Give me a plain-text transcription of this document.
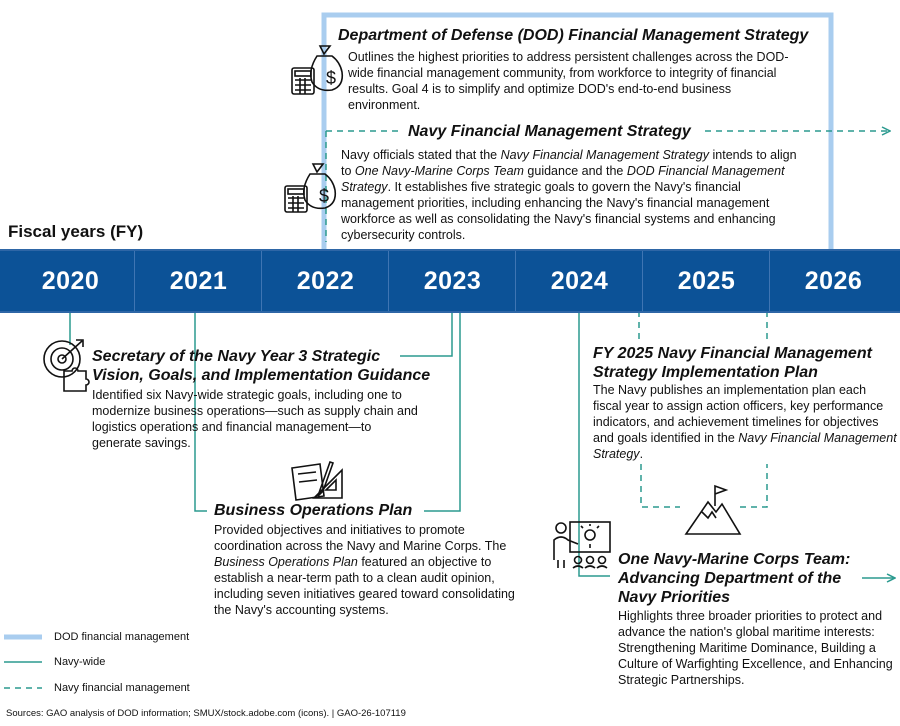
$
$
Department of Defense (DOD) Financial Management Strategy
Outlines the highest priorities to address persistent challenges across the DOD-wide financial management community, from workforce to integrity of financial results. Goal 4 is to simplify and optimize DOD's end-to-end business environment.
Navy Financial Management Strategy
Navy officials stated that the Navy Financial Management Strategy intends to align to One Navy-Marine Corps Team guidance and the DOD Financial Management Strategy. It establishes five strategic goals to govern the Navy's financial management priorities, including enhancing the Navy's financial management workforce as well as consolidating the Navy's financial systems and enhancing cybersecurity controls.
Fiscal years (FY)
2020	2021	2022	2023	2024	2025	2026
Secretary of the Navy Year 3 Strategic
Vision, Goals, and Implementation Guidance
Identified six Navy-wide strategic goals, including one to modernize business operations—such as supply chain and logistics operations and financial management—to generate savings.
Business Operations Plan
Provided objectives and initiatives to promote coordination across the Navy and Marine Corps. The Business Operations Plan featured an objective to establish a near-term path to a clean audit opinion, including seven initiatives geared toward consolidating the Navy's accounting systems.
FY 2025 Navy Financial Management
Strategy Implementation Plan
The Navy publishes an implementation plan each fiscal year to assign action officers, key performance indicators, and achievement timelines for objectives and goals identified in the Navy Financial Management Strategy.
One Navy-Marine Corps Team:
Advancing Department of the
Navy Priorities
Highlights three broader priorities to protect and advance the nation's global maritime interests: Strengthening Maritime Dominance, Building a Culture of Warfighting Excellence, and Enhancing Strategic Partnerships.
DOD financial management
Navy-wide
Navy financial management
Sources: GAO analysis of DOD information; SMUX/stock.adobe.com (icons). | GAO-26-107119
